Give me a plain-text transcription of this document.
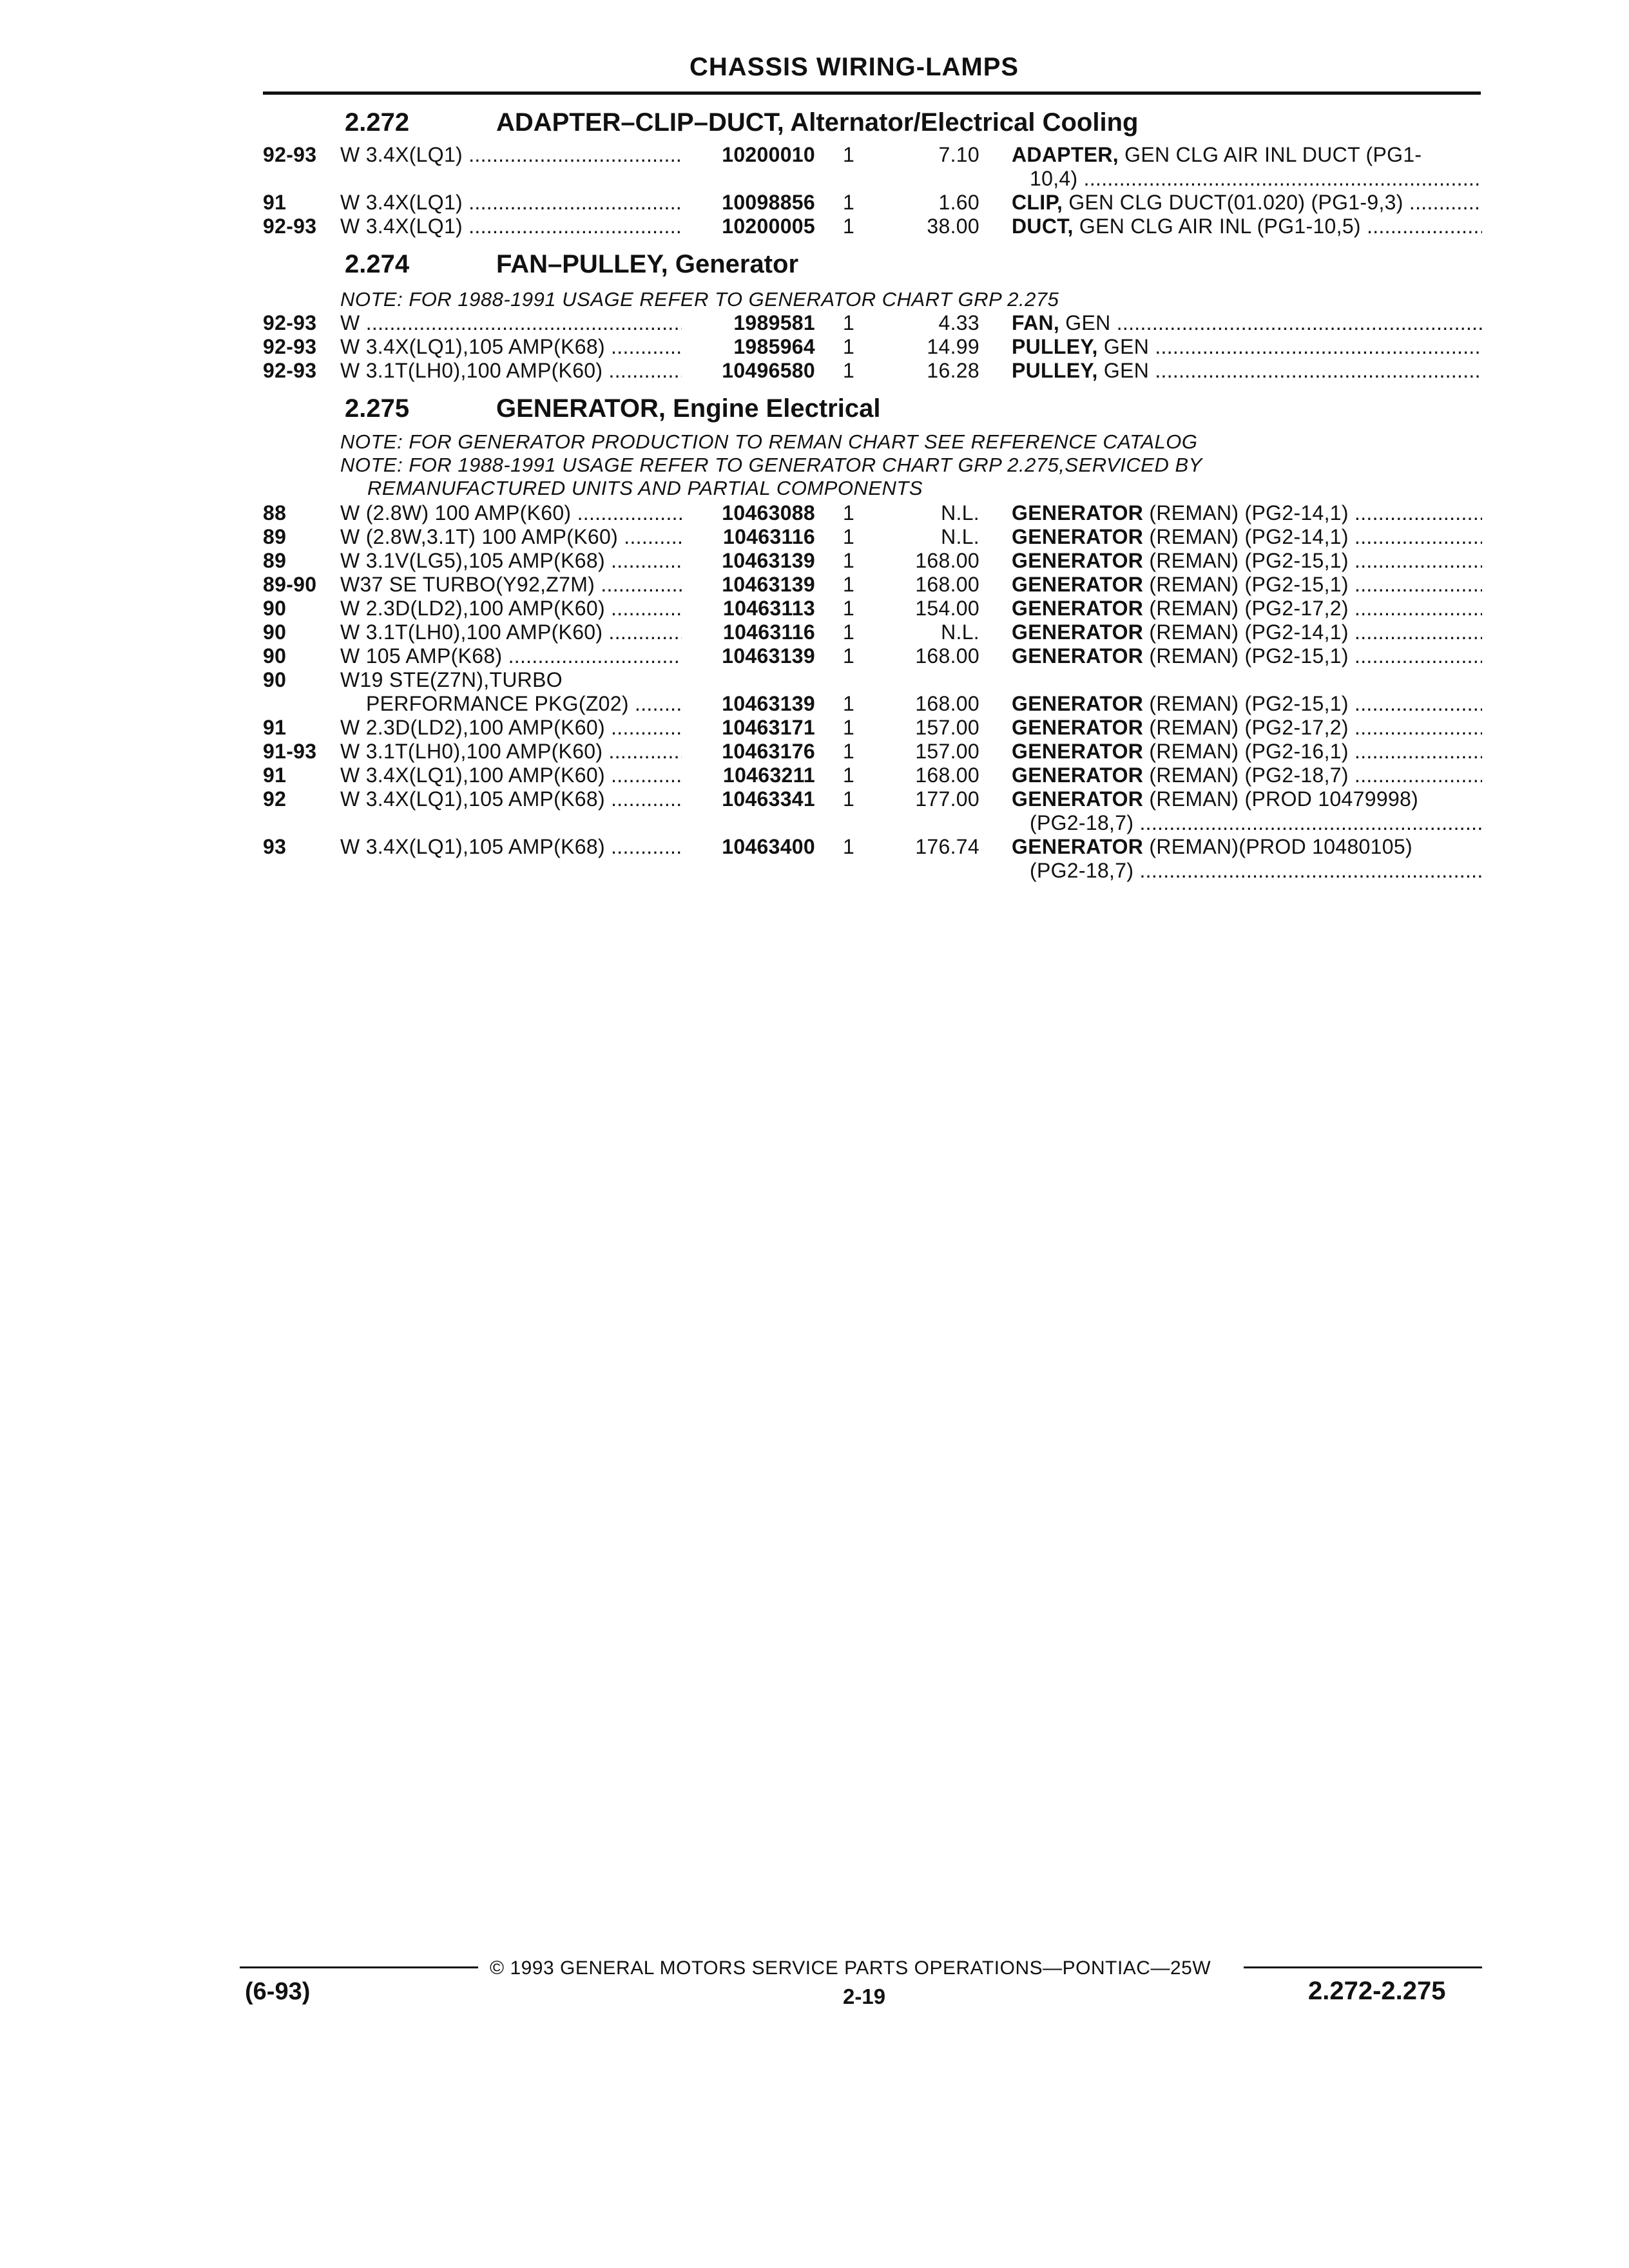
CHASSIS WIRING-LAMPS
2.272	ADAPTER–CLIP–DUCT, Alternator/Electrical Cooling
92-93 W 3.4X(LQ1) .....	10200010 1	7.10 ADAPTER, GEN CLG AIR INL DUCT (PG1-
10,4) .....
91	W 3.4X(LQ1) .....	10098856 1	1.60 CLIP, GEN CLG DUCT(01.020) (PG1-9,3) .....
92-93 W 3.4X(LQ1) .....	10200005 1	38.00 DUCT, GEN CLG AIR INL (PG1-10,5) .....
2.274	FAN–PULLEY, Generator
NOTE: FOR 1988-1991 USAGE REFER TO GENERATOR CHART GRP 2.275
92-93 W .....	1989581 1	4.33 FAN, GEN .....
92-93 W 3.4X(LQ1),105 AMP(K68) .....	1985964 1	14.99 PULLEY, GEN .....
92-93 W 3.1T(LH0),100 AMP(K60) .....	10496580 1	16.28 PULLEY, GEN .....
2.275	GENERATOR, Engine Electrical
NOTE: FOR GENERATOR PRODUCTION TO REMAN CHART SEE REFERENCE CATALOG
NOTE: FOR 1988-1991 USAGE REFER TO GENERATOR CHART GRP 2.275,SERVICED BY
REMANUFACTURED UNITS AND PARTIAL COMPONENTS
88	W (2.8W) 100 AMP(K60) .....	10463088 1	N.L. GENERATOR (REMAN) (PG2-14,1) .....
89	W (2.8W,3.1T) 100 AMP(K60) .....	10463116 1	N.L. GENERATOR (REMAN) (PG2-14,1) .....
89	W 3.1V(LG5),105 AMP(K68) .....	10463139 1	168.00 GENERATOR (REMAN) (PG2-15,1) .....
89-90 W37 SE TURBO(Y92,Z7M) .....	10463139 1	168.00 GENERATOR (REMAN) (PG2-15,1) .....
90	W 2.3D(LD2),100 AMP(K60) .....	10463113 1	154.00 GENERATOR (REMAN) (PG2-17,2) .....
90	W 3.1T(LH0),100 AMP(K60) .....	10463116 1	N.L. GENERATOR (REMAN) (PG2-14,1) .....
90	W 105 AMP(K68) .....	10463139 1	168.00 GENERATOR (REMAN) (PG2-15,1) .....
90	W19 STE(Z7N),TURBO
PERFORMANCE PKG(Z02) .....	10463139 1	168.00 GENERATOR (REMAN) (PG2-15,1) .....
91	W 2.3D(LD2),100 AMP(K60) .....	10463171 1	157.00 GENERATOR (REMAN) (PG2-17,2) .....
91-93 W 3.1T(LH0),100 AMP(K60) .....	10463176 1	157.00 GENERATOR (REMAN) (PG2-16,1) .....
91	W 3.4X(LQ1),100 AMP(K60) .....	10463211 1	168.00 GENERATOR (REMAN) (PG2-18,7) .....
92	W 3.4X(LQ1),105 AMP(K68) .....	10463341 1	177.00 GENERATOR (REMAN) (PROD 10479998)
(PG2-18,7) .....
93	W 3.4X(LQ1),105 AMP(K68) .....	10463400 1	176.74 GENERATOR (REMAN)(PROD 10480105)
(PG2-18,7) .....
© 1993 GENERAL MOTORS SERVICE PARTS OPERATIONS—PONTIAC—25W
(6-93)	2-19	2.272-2.275
